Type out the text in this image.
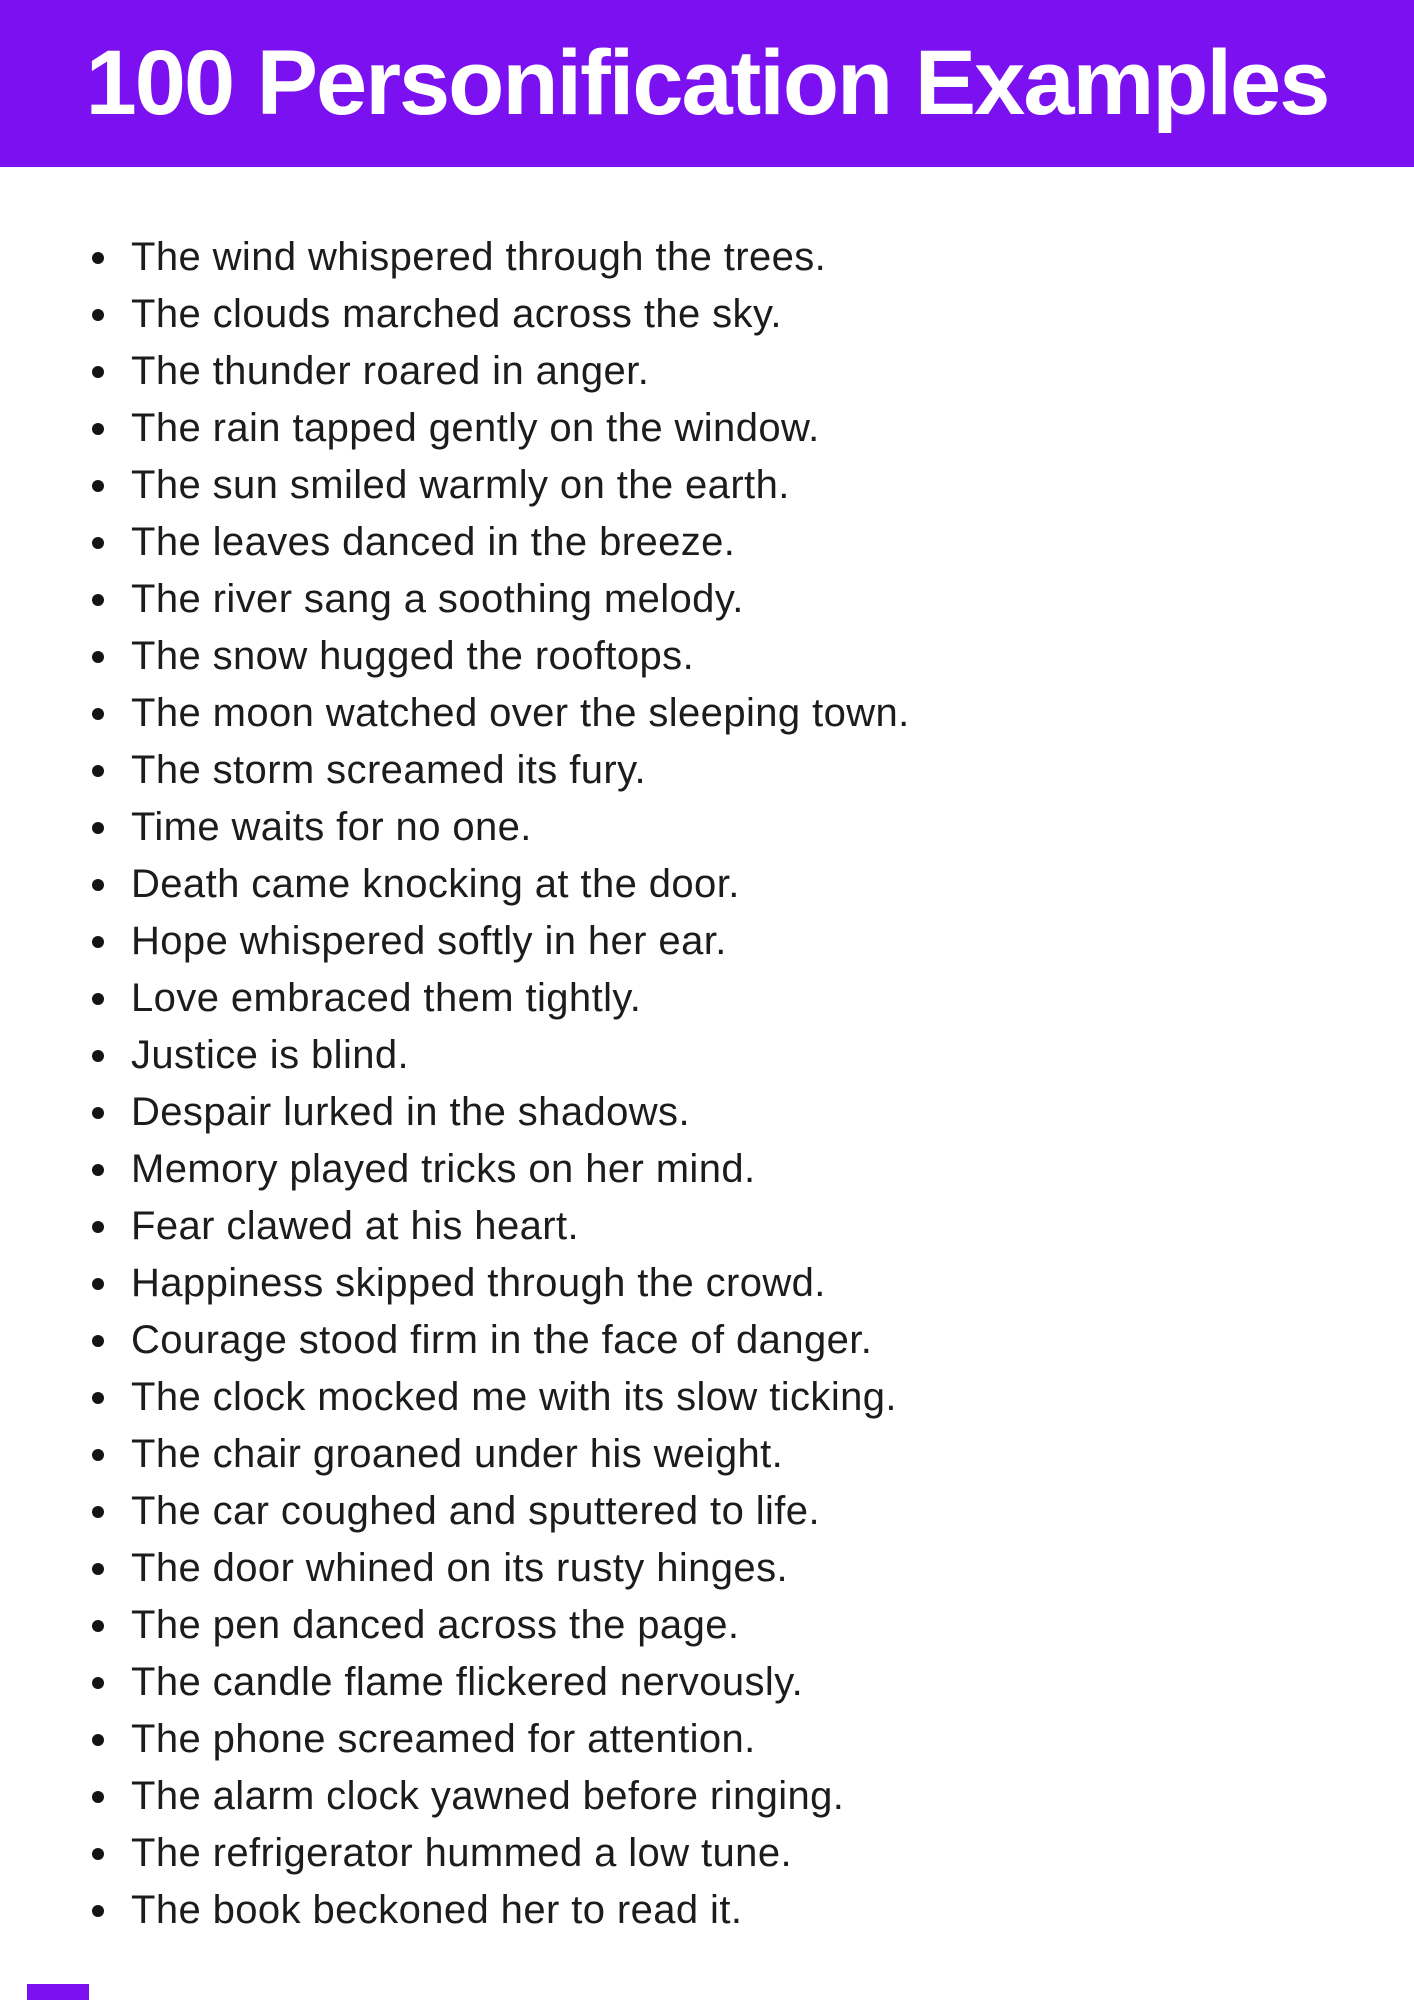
100 Personification Examples
The wind whispered through the trees.
The clouds marched across the sky.
The thunder roared in anger.
The rain tapped gently on the window.
The sun smiled warmly on the earth.
The leaves danced in the breeze.
The river sang a soothing melody.
The snow hugged the rooftops.
The moon watched over the sleeping town.
The storm screamed its fury.
Time waits for no one.
Death came knocking at the door.
Hope whispered softly in her ear.
Love embraced them tightly.
Justice is blind.
Despair lurked in the shadows.
Memory played tricks on her mind.
Fear clawed at his heart.
Happiness skipped through the crowd.
Courage stood firm in the face of danger.
The clock mocked me with its slow ticking.
The chair groaned under his weight.
The car coughed and sputtered to life.
The door whined on its rusty hinges.
The pen danced across the page.
The candle flame flickered nervously.
The phone screamed for attention.
The alarm clock yawned before ringing.
The refrigerator hummed a low tune.
The book beckoned her to read it.
